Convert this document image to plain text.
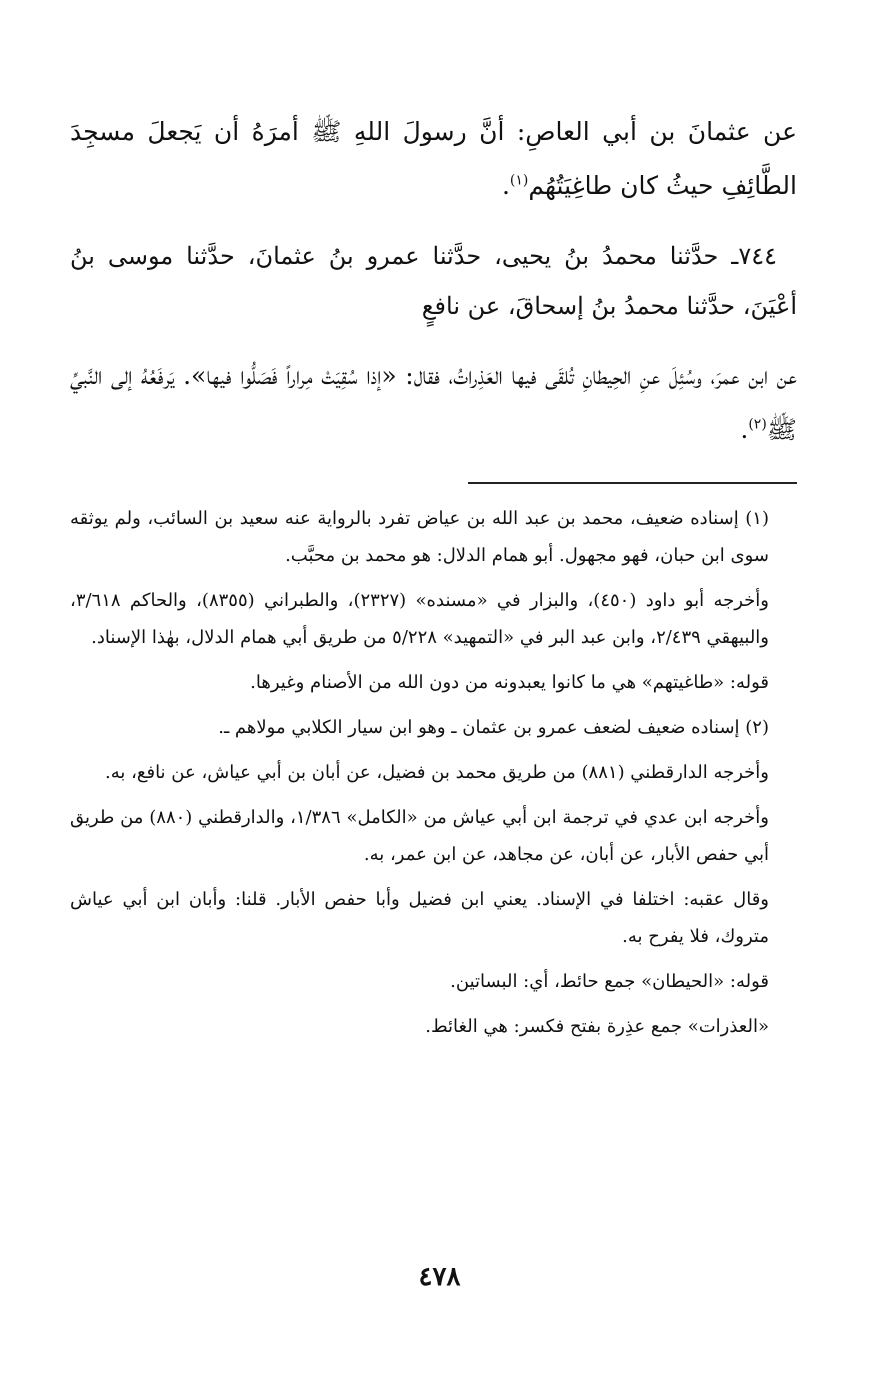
عن عثمانَ بن أبي العاصِ: أنَّ رسولَ اللهِ ﷺ أمرَهُ أن يَجعلَ مسجِدَ الطَّائِفِ حيثُ كان طاغِيَتُهُم$^{(١)}$.

٧٤٤ـ حدَّثنا محمدُ بنُ يحيى، حدَّثنا عمرو بنُ عثمانَ، حدَّثنا موسى بنُ أعْيَنَ، حدَّثنا محمدُ بنُ إسحاقَ، عن نافعٍ

عن ابن عمرَ، وسُئِلَ عنِ الحِيطانِ تُلقَى فيها العَذِراتُ، فقال: «إذا سُقِيَتْ مِراراً فَصَلُّوا فيها». يَرفَعُهُ إلى النَّبيِّ ﷺ$^{(٢)}$.

(١) إسناده ضعيف، محمد بن عبد الله بن عياض تفرد بالرواية عنه سعيد بن السائب، ولم يوثقه سوى ابن حبان، فهو مجهول. أبو همام الدلال: هو محمد بن محبَّب.

وأخرجه أبو داود (٤٥٠)، والبزار في «مسنده» (٢٣٢٧)، والطبراني (٨٣٥٥)، والحاكم ٣/٦١٨، والبيهقي ٢/٤٣٩، وابن عبد البر في «التمهيد» ٥/٢٢٨ من طريق أبي همام الدلال، بهٰذا الإسناد.

قوله: «طاغيتهم» هي ما كانوا يعبدونه من دون الله من الأصنام وغيرها.

(٢) إسناده ضعيف لضعف عمرو بن عثمان ـ وهو ابن سيار الكلابي مولاهم ـ.

وأخرجه الدارقطني (٨٨١) من طريق محمد بن فضيل، عن أبان بن أبي عياش، عن نافع، به.

وأخرجه ابن عدي في ترجمة ابن أبي عياش من «الكامل» ١/٣٨٦، والدارقطني (٨٨٠) من طريق أبي حفص الأبار، عن أبان، عن مجاهد، عن ابن عمر، به.

وقال عقبه: اختلفا في الإسناد. يعني ابن فضيل وأبا حفص الأبار. قلنا: وأبان ابن أبي عياش متروك، فلا يفرح به.

قوله: «الحيطان» جمع حائط، أي: البساتين.

«العذرات» جمع عذِرة بفتح فكسر: هي الغائط.

٤٧٨
